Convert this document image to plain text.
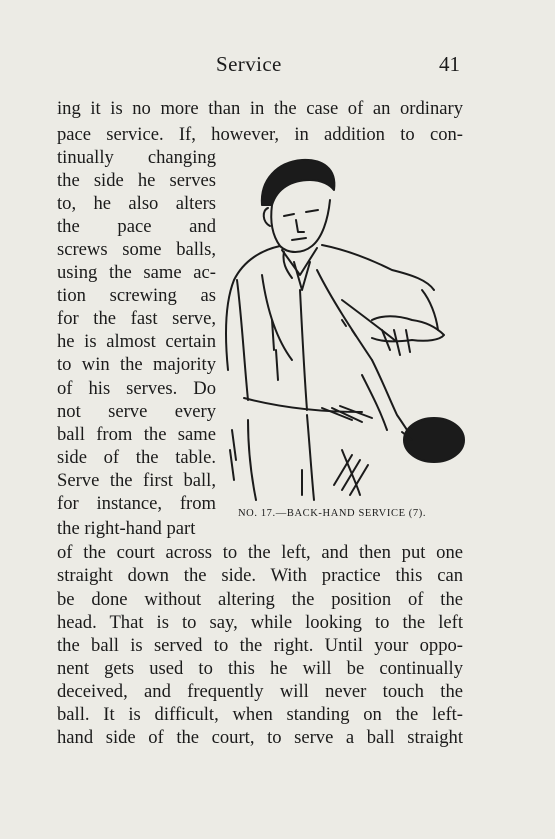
Service	41
ing it is no more than in the case of an ordinary
pace service. If, however, in addition to con-
tinually changing
the side he serves
to, he also alters
the pace and
screws some balls,
using the same ac-
tion screwing as
for the fast serve,
he is almost certain
to win the majority
of his serves. Do
not serve every
ball from the same
side of the table.
Serve the first ball,
for instance, from
the right-hand part
of the court across to the left, and then put one
straight down the side. With practice this can
be done without altering the position of the
head. That is to say, while looking to the left
the ball is served to the right. Until your oppo-
nent gets used to this he will be continually
deceived, and frequently will never touch the
ball. It is difficult, when standing on the left-
hand side of the court, to serve a ball straight
NO. 17.—BACK-HAND SERVICE (7).
